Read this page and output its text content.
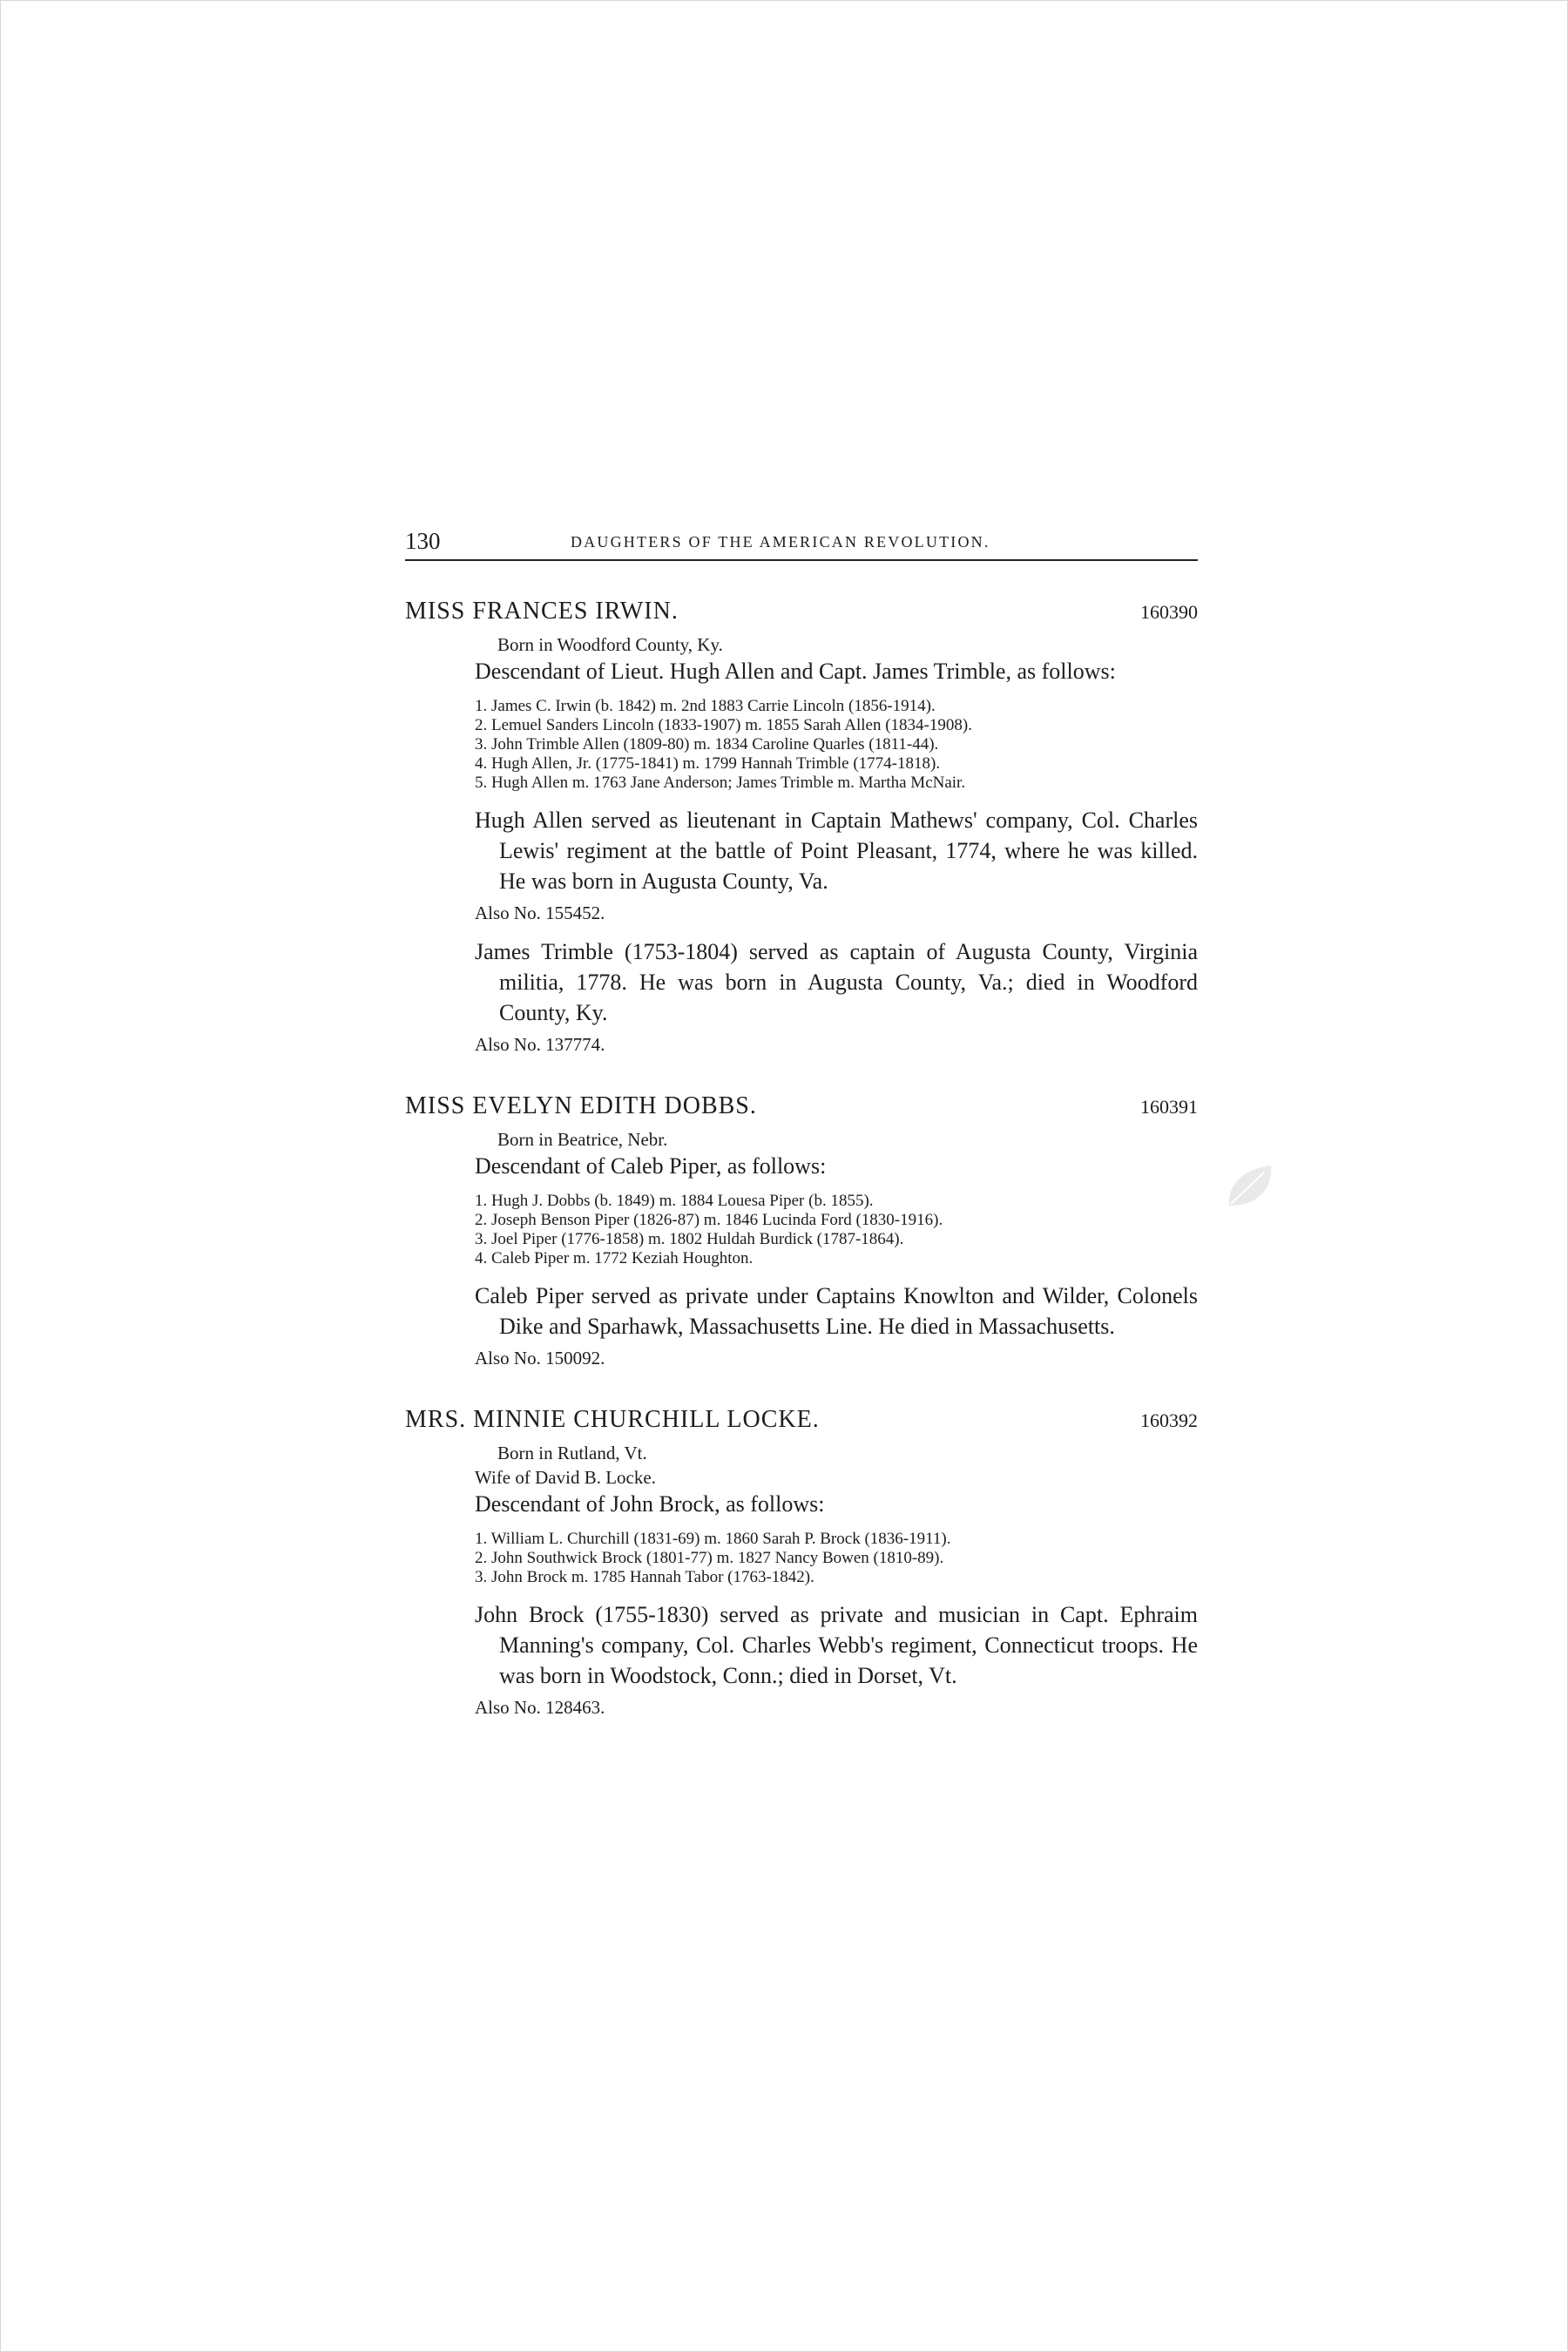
130	DAUGHTERS OF THE AMERICAN REVOLUTION.
MISS FRANCES IRWIN.	160390
Born in Woodford County, Ky.
Descendant of Lieut. Hugh Allen and Capt. James Trimble, as follows:
1. James C. Irwin (b. 1842) m. 2nd 1883 Carrie Lincoln (1856-1914).
2. Lemuel Sanders Lincoln (1833-1907) m. 1855 Sarah Allen (1834-1908).
3. John Trimble Allen (1809-80) m. 1834 Caroline Quarles (1811-44).
4. Hugh Allen, Jr. (1775-1841) m. 1799 Hannah Trimble (1774-1818).
5. Hugh Allen m. 1763 Jane Anderson; James Trimble m. Martha McNair.

Hugh Allen served as lieutenant in Captain Mathews' company, Col. Charles Lewis' regiment at the battle of Point Pleasant, 1774, where he was killed. He was born in Augusta County, Va.

Also No. 155452.

James Trimble (1753-1804) served as captain of Augusta County, Virginia militia, 1778. He was born in Augusta County, Va.; died in Woodford County, Ky.

Also No. 137774.
MISS EVELYN EDITH DOBBS.	160391
Born in Beatrice, Nebr.
Descendant of Caleb Piper, as follows:
1. Hugh J. Dobbs (b. 1849) m. 1884 Louesa Piper (b. 1855).
2. Joseph Benson Piper (1826-87) m. 1846 Lucinda Ford (1830-1916).
3. Joel Piper (1776-1858) m. 1802 Huldah Burdick (1787-1864).
4. Caleb Piper m. 1772 Keziah Houghton.

Caleb Piper served as private under Captains Knowlton and Wilder, Colonels Dike and Sparhawk, Massachusetts Line. He died in Massachusetts.

Also No. 150092.
MRS. MINNIE CHURCHILL LOCKE.	160392
Born in Rutland, Vt.
Wife of David B. Locke.
Descendant of John Brock, as follows:
1. William L. Churchill (1831-69) m. 1860 Sarah P. Brock (1836-1911).
2. John Southwick Brock (1801-77) m. 1827 Nancy Bowen (1810-89).
3. John Brock m. 1785 Hannah Tabor (1763-1842).

John Brock (1755-1830) served as private and musician in Capt. Ephraim Manning's company, Col. Charles Webb's regiment, Connecticut troops. He was born in Woodstock, Conn.; died in Dorset, Vt.

Also No. 128463.
